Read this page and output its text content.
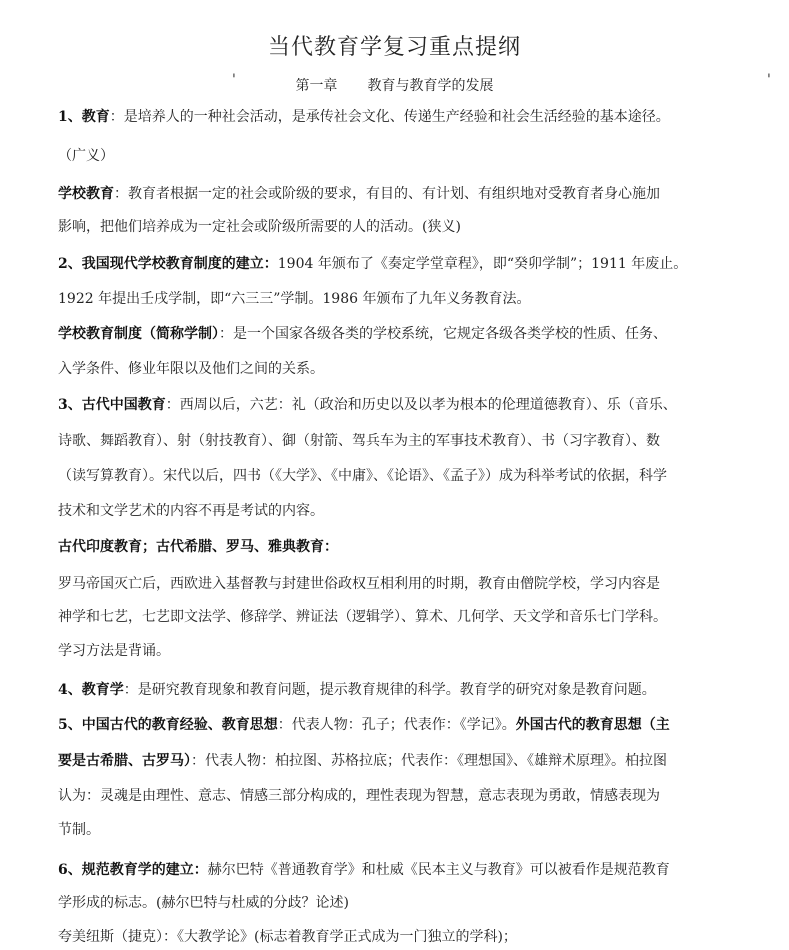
当代教育学复习重点提纲
'	'
第一章 教育与教育学的发展
1、教育：是培养人的一种社会活动，是承传社会文化、传递生产经验和社会生活经验的基本途径。
（广义）
学校教育：教育者根据一定的社会或阶级的要求，有目的、有计划、有组织地对受教育者身心施加
影响，把他们培养成为一定社会或阶级所需要的人的活动。(狭义)
2、我国现代学校教育制度的建立：1904 年颁布了《奏定学堂章程》，即“癸卯学制”；1911 年废止。
1922 年提出壬戌学制，即“六三三”学制。1986 年颁布了九年义务教育法。
学校教育制度（简称学制）：是一个国家各级各类的学校系统，它规定各级各类学校的性质、任务、
入学条件、修业年限以及他们之间的关系。
3、古代中国教育：西周以后，六艺：礼（政治和历史以及以孝为根本的伦理道德教育）、乐（音乐、
诗歌、舞蹈教育）、射（射技教育）、御（射箭、驾兵车为主的军事技术教育）、书（习字教育）、数
（读写算教育）。宋代以后，四书（《大学》、《中庸》、《论语》、《孟子》）成为科举考试的依据，科学
技术和文学艺术的内容不再是考试的内容。
古代印度教育；古代希腊、罗马、雅典教育：
罗马帝国灭亡后，西欧进入基督教与封建世俗政权互相利用的时期，教育由僧院学校，学习内容是
神学和七艺，七艺即文法学、修辞学、辨证法（逻辑学）、算术、几何学、天文学和音乐七门学科。
学习方法是背诵。
4、教育学：是研究教育现象和教育问题，提示教育规律的科学。教育学的研究对象是教育问题。
5、中国古代的教育经验、教育思想：代表人物：孔子；代表作：《学记》。外国古代的教育思想（主
要是古希腊、古罗马）：代表人物：柏拉图、苏格拉底；代表作：《理想国》、《雄辩术原理》。柏拉图
认为：灵魂是由理性、意志、情感三部分构成的，理性表现为智慧，意志表现为勇敢，情感表现为
节制。
6、规范教育学的建立：赫尔巴特《普通教育学》和杜威《民本主义与教育》可以被看作是规范教育
学形成的标志。(赫尔巴特与杜威的分歧？论述)
夸美纽斯（捷克）：《大教学论》(标志着教育学正式成为一门独立的学科)；
